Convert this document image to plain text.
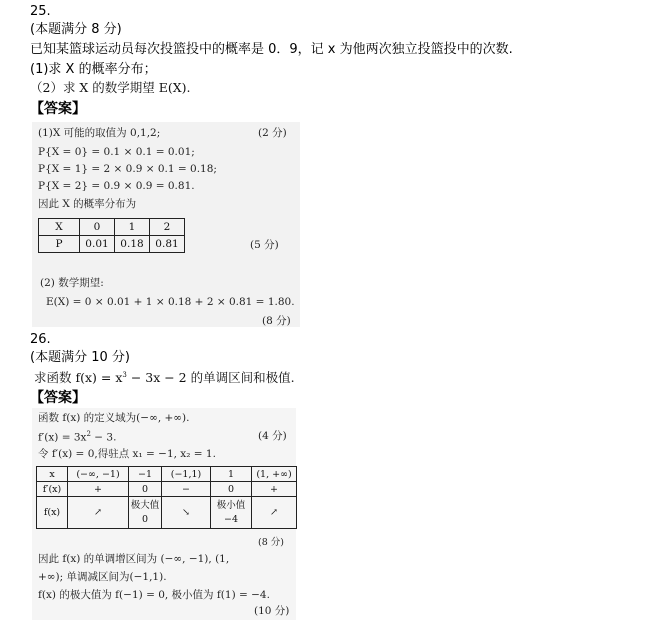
25.
(本题满分 8 分)
已知某篮球运动员每次投篮投中的概率是 0．9，记 x 为他两次独立投篮投中的次数.
(1)求 X 的概率分布；
（2）求 X 的数学期望 E(X).
【答案】
(1)X 可能的取值为 0,1,2;	(2 分)
P{X = 0} = 0.1 × 0.1 = 0.01;
P{X = 1} = 2 × 0.9 × 0.1 = 0.18;
P{X = 2} = 0.9 × 0.9 = 0.81.
因此 X 的概率分布为
X	0	1	2
P	0.01	0.18	0.81	(5 分)
(2) 数学期望:
E(X) = 0 × 0.01 + 1 × 0.18 + 2 × 0.81 = 1.80.
(8 分)
26.
(本题满分 10 分)
求函数 $f(x) = x^3 - 3x - 2$ 的单调区间和极值.
【答案】
函数 f(x) 的定义域为(−∞, +∞).
$f'(x) = 3x^2 - 3$.	(4 分)
令 f′(x) = 0,得驻点 x₁ = −1, x₂ = 1.
x	(−∞, −1)	−1	(−1,1)	1	(1, +∞)
f′(x)	+	0	−	0	+
f(x)	↗	极大值 0	↘	极小值 −4	↗
(8 分)
因此 f(x) 的单调增区间为 (−∞, −1), (1,
+∞); 单调减区间为(−1,1).
f(x) 的极大值为 f(−1) = 0, 极小值为 f(1) = −4.
(10 分)
